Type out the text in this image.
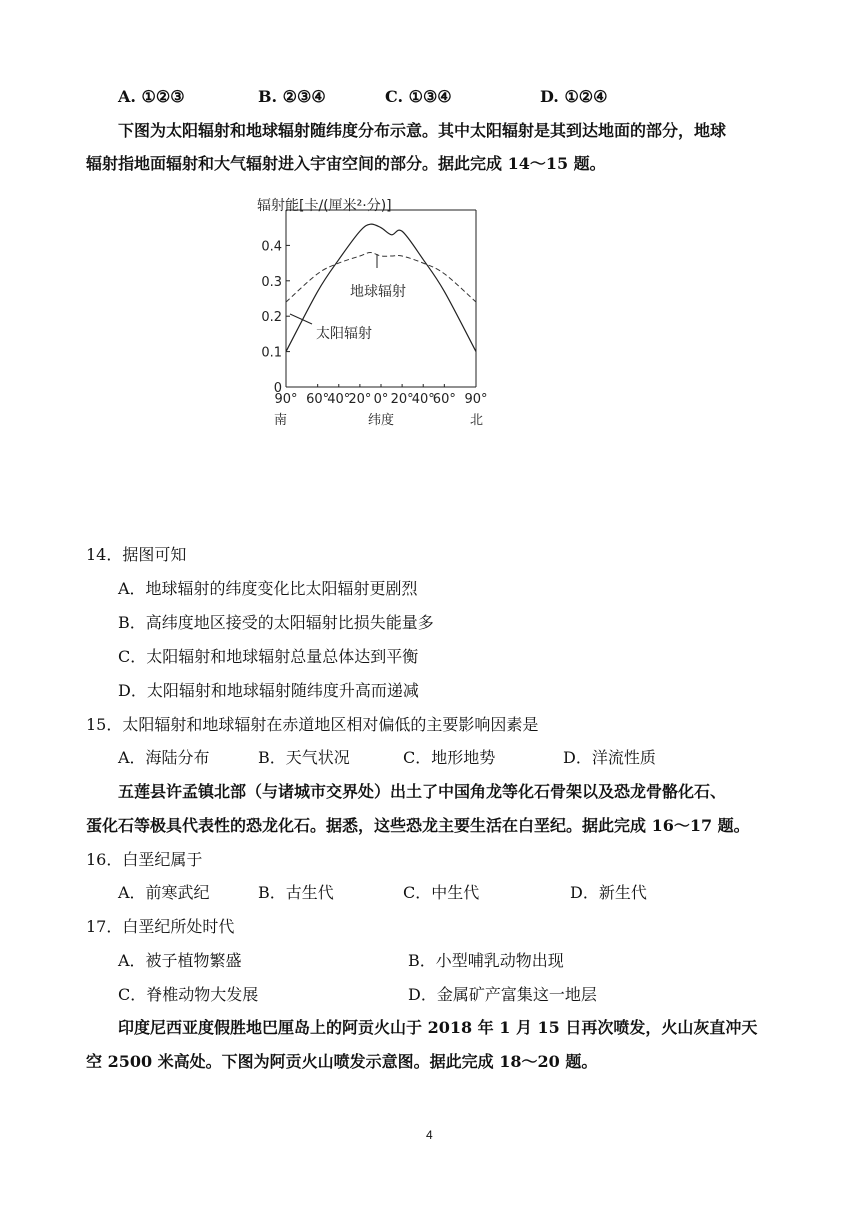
A. ①②③	B. ②③④	C. ①③④	D. ①②④
下图为太阳辐射和地球辐射随纬度分布示意。其中太阳辐射是其到达地面的部分，地球
辐射指地面辐射和大气辐射进入宇宙空间的部分。据此完成 14～15 题。
辐射能[卡/(厘米²·分)]
0
0.1
0.2
0.3
0.4
90° 60°
40°
20° 0° 20°
40°
60° 90°
地球辐射
太阳辐射
南	纬度	北
14．据图可知
A．地球辐射的纬度变化比太阳辐射更剧烈
B．高纬度地区接受的太阳辐射比损失能量多
C．太阳辐射和地球辐射总量总体达到平衡
D．太阳辐射和地球辐射随纬度升高而递减
15．太阳辐射和地球辐射在赤道地区相对偏低的主要影响因素是
A．海陆分布	B．天气状况	C．地形地势	D．洋流性质
五莲县许孟镇北部（与诸城市交界处）出土了中国角龙等化石骨架以及恐龙骨骼化石、
蛋化石等极具代表性的恐龙化石。据悉，这些恐龙主要生活在白垩纪。据此完成 16～17 题。
16．白垩纪属于
A．前寒武纪	B．古生代	C．中生代	D．新生代
17．白垩纪所处时代
A．被子植物繁盛	B．小型哺乳动物出现
C．脊椎动物大发展	D．金属矿产富集这一地层
印度尼西亚度假胜地巴厘岛上的阿贡火山于 2018 年 1 月 15 日再次喷发，火山灰直冲天
空 2500 米高处。下图为阿贡火山喷发示意图。据此完成 18～20 题。
4
